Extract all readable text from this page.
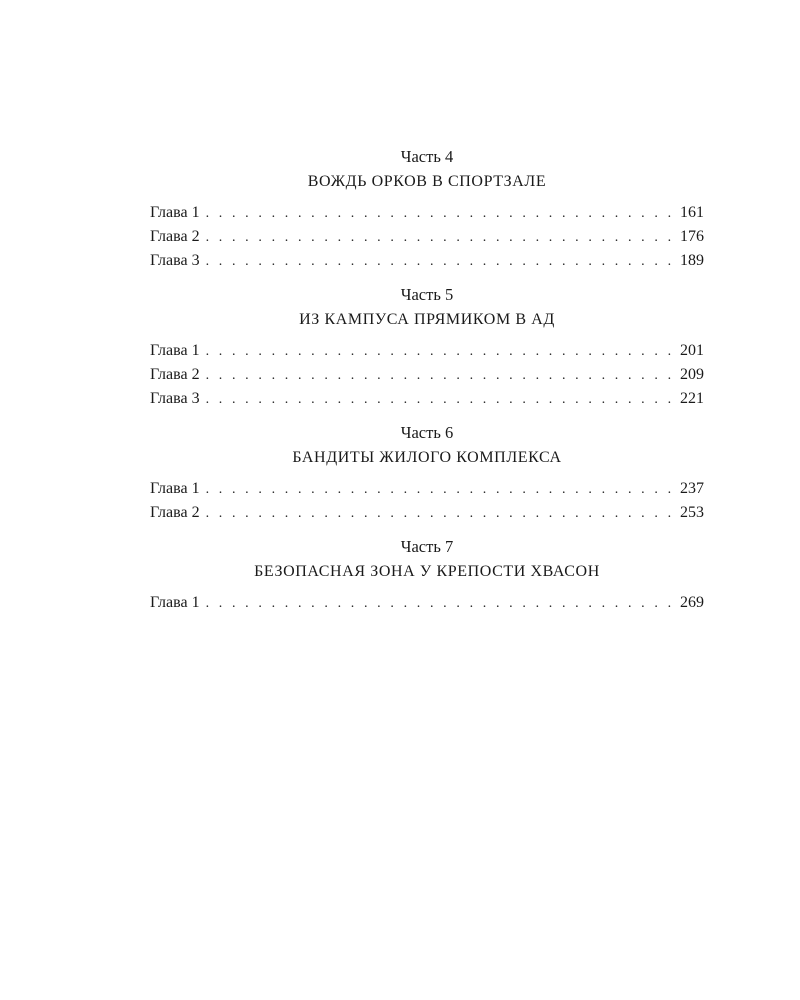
Часть 4
ВОЖДЬ ОРКОВ В СПОРТЗАЛЕ
Глава 1 . . .	161
Глава 2 . . .	176
Глава 3 . . .	189
Часть 5
ИЗ КАМПУСА ПРЯМИКОМ В АД
Глава 1 . . .	201
Глава 2 . . .	209
Глава 3 . . .	221
Часть 6
БАНДИТЫ ЖИЛОГО КОМПЛЕКСА
Глава 1 . . .	237
Глава 2 . . .	253
Часть 7
БЕЗОПАСНАЯ ЗОНА У КРЕПОСТИ ХВАСОН
Глава 1 . . .	269
